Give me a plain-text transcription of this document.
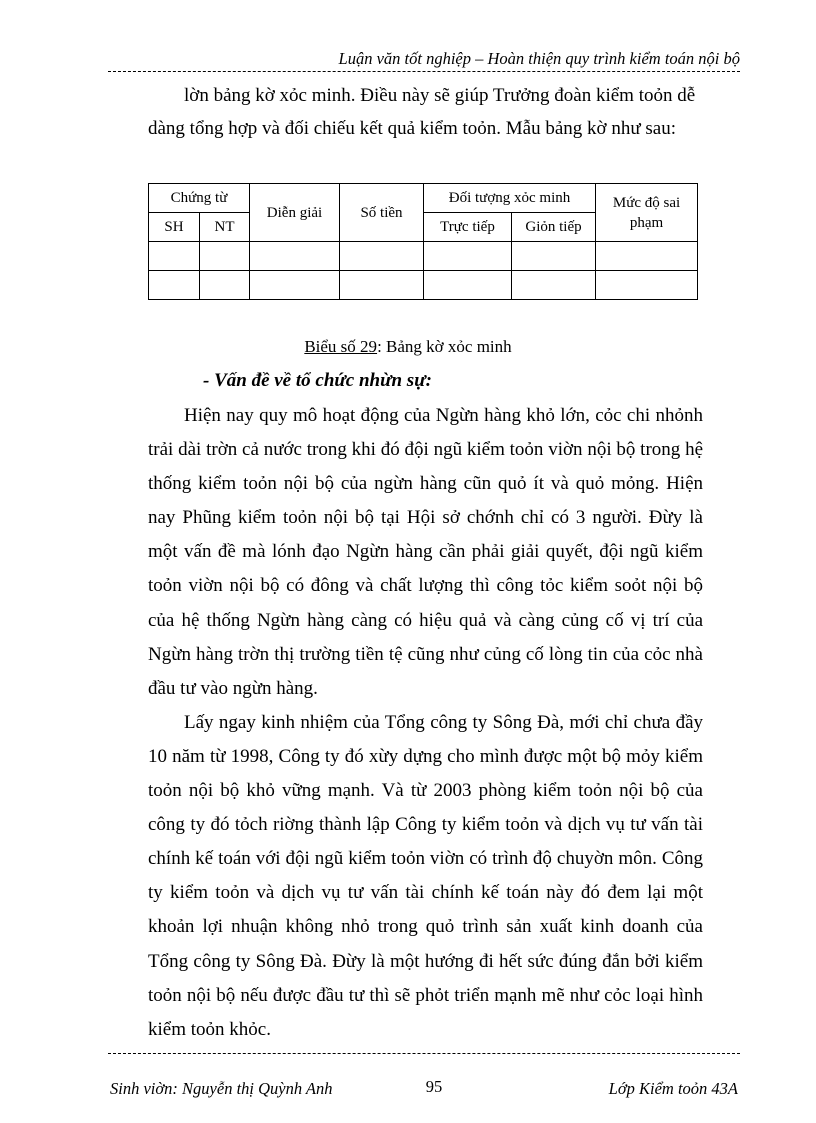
Luận văn tốt nghiệp – Hoàn thiện quy trình kiểm toán nội bộ
lờn bảng kờ xỏc minh. Điều này sẽ giúp Trưởng đoàn kiểm toỏn dễ
dàng tổng hợp và đối chiếu kết quả kiểm toỏn. Mẫu bảng kờ như sau:
Chứng từ		Diễn giải	Số tiền	Đối tượng xỏc minh		Mức độ sai
phạm

SH	NT			Trực tiếp	Giỏn tiếp	

Biểu số 29: Bảng kờ xỏc minh
- Vấn đề về tổ chức nhừn sự:

Hiện nay quy mô hoạt động của Ngừn hàng khỏ lớn, cỏc chi nhỏnh trải dài trờn cả nước trong khi đó đội ngũ kiểm toỏn viờn nội bộ trong hệ thống kiểm toỏn nội bộ của ngừn hàng cũn quỏ ít và quỏ mỏng. Hiện nay Phũng kiểm toỏn nội bộ tại Hội sở chớnh chỉ có 3 người. Đừy là một vấn đề mà lónh đạo Ngừn hàng cần phải giải quyết, đội ngũ kiểm toỏn viờn nội bộ có đông và chất lượng thì công tỏc kiểm soỏt nội bộ của hệ thống Ngừn hàng càng có hiệu quả và càng củng cố vị trí của Ngừn hàng trờn thị trường tiền tệ cũng như củng cố lòng tin của cỏc nhà đầu tư vào ngừn hàng.

Lấy ngay kinh nhiệm của Tổng công ty Sông Đà, mới chỉ chưa đầy 10 năm từ 1998, Công ty đó xừy dựng cho mình được một bộ mỏy kiểm toỏn nội bộ khỏ vững mạnh. Và từ 2003 phòng kiểm toỏn nội bộ của công ty đó tỏch riờng thành lập Công ty kiểm toỏn và dịch vụ tư vấn tài chính kế toán với đội ngũ kiểm toỏn viờn có trình độ chuyờn môn. Công ty kiểm toỏn và dịch vụ tư vấn tài chính kế toán này đó đem lại một khoản lợi nhuận không nhỏ trong quỏ trình sản xuất kinh doanh của Tổng công ty Sông Đà. Đừy là một hướng đi hết sức đúng đắn bởi kiểm toỏn nội bộ nếu được đầu tư thì sẽ phỏt triển mạnh mẽ như cỏc loại hình kiểm toỏn khỏc.

Sinh viờn: Nguyễn thị Quỳnh Anh	95	Lớp Kiểm toỏn 43A
